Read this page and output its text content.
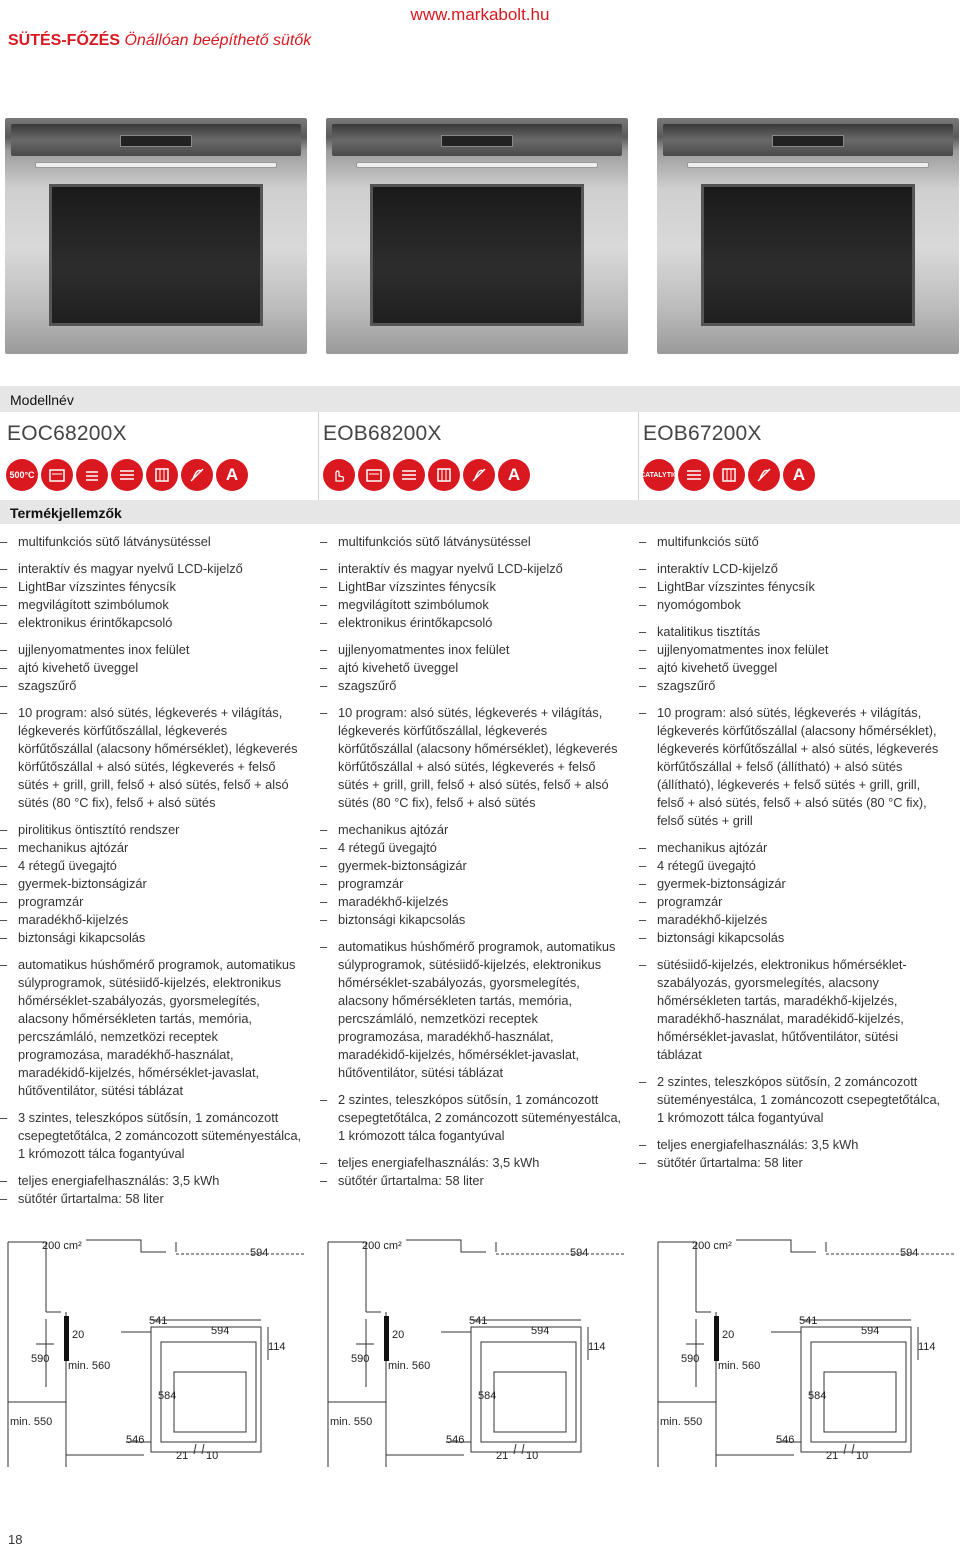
www.markabolt.hu
SÜTÉS-FŐZÉS Önállóan beépíthető sütők
Modellnév
EOC68200X	EOB68200X	EOB67200X
500°C	A	A	CATALYTIC	A
Termékjellemzők
– multifunkciós sütő látványsütéssel
– interaktív és magyar nyelvű LCD-kijelző
– LightBar vízszintes fénycsík
– megvilágított szimbólumok
– elektronikus érintőkapcsoló
– ujjlenyomatmentes inox felület
– ajtó kivehető üveggel
– szagszűrő
– 10 program: alsó sütés, légkeverés + világítás, légkeverés körfűtőszállal, légkeverés körfűtőszállal (alacsony hőmérséklet), légkeverés körfűtőszállal + alsó sütés, légkeverés + felső sütés + grill, grill, felső + alsó sütés, felső + alsó sütés (80 °C fix), felső + alsó sütés
– pirolitikus öntisztító rendszer
– mechanikus ajtózár
– 4 rétegű üvegajtó
– gyermek-biztonságizár
– programzár
– maradékhő-kijelzés
– biztonsági kikapcsolás
– automatikus húshőmérő programok, automatikus súlyprogramok, sütésiidő-kijelzés, elektronikus hőmérséklet-szabályozás, gyorsmelegítés, alacsony hőmérsékleten tartás, memória, percszámláló, nemzetközi receptek programozása, maradékhő-használat, maradékidő-kijelzés, hőmérséklet-javaslat, hűtőventilátor, sütési táblázat
– 3 szintes, teleszkópos sütősín, 1 zománcozott csepegtetőtálca, 2 zománcozott süteményestálca, 1 krómozott tálca fogantyúval
– teljes energiafelhasználás: 3,5 kWh
– sütőtér űrtartalma: 58 liter
– multifunkciós sütő látványsütéssel
– interaktív és magyar nyelvű LCD-kijelző
– LightBar vízszintes fénycsík
– megvilágított szimbólumok
– elektronikus érintőkapcsoló
– ujjlenyomatmentes inox felület
– ajtó kivehető üveggel
– szagszűrő
– 10 program: alsó sütés, légkeverés + világítás, légkeverés körfűtőszállal, légkeverés körfűtőszállal (alacsony hőmérséklet), légkeverés körfűtőszállal + alsó sütés, légkeverés + felső sütés + grill, grill, felső + alsó sütés, felső + alsó sütés (80 °C fix), felső + alsó sütés
– mechanikus ajtózár
– 4 rétegű üvegajtó
– gyermek-biztonságizár
– programzár
– maradékhő-kijelzés
– biztonsági kikapcsolás
– automatikus húshőmérő programok, automatikus súlyprogramok, sütésiidő-kijelzés, elektronikus hőmérséklet-szabályozás, gyorsmelegítés, alacsony hőmérsékleten tartás, memória, percszámláló, nemzetközi receptek programozása, maradékhő-használat, maradékidő-kijelzés, hőmérséklet-javaslat, hűtőventilátor, sütési táblázat
– 2 szintes, teleszkópos sütősín, 1 zománcozott csepegtetőtálca, 2 zománcozott süteményestálca, 1 krómozott tálca fogantyúval
– teljes energiafelhasználás: 3,5 kWh
– sütőtér űrtartalma: 58 liter
– multifunkciós sütő
– interaktív LCD-kijelző
– LightBar vízszintes fénycsík
– nyomógombok
– katalitikus tisztítás
– ujjlenyomatmentes inox felület
– ajtó kivehető üveggel
– szagszűrő
– 10 program: alsó sütés, légkeverés + világítás, légkeverés körfűtőszállal (alacsony hőmérséklet), légkeverés körfűtőszállal + alsó sütés, légkeverés körfűtőszállal + felső (állítható) + alsó sütés (állítható), légkeverés + felső sütés + grill, grill, felső + alsó sütés, felső + alsó sütés (80 °C fix), felső sütés + grill
– mechanikus ajtózár
– 4 rétegű üvegajtó
– gyermek-biztonságizár
– programzár
– maradékhő-kijelzés
– biztonsági kikapcsolás
– sütésiidő-kijelzés, elektronikus hőmérséklet-szabályozás, gyorsmelegítés, alacsony hőmérsékleten tartás, maradékhő-kijelzés, maradékhő-használat, maradékidő-kijelzés, hőmérséklet-javaslat, hűtőventilátor, sütési táblázat
– 2 szintes, teleszkópos sütősín, 2 zománcozott süteményestálca, 1 zománcozott csepegtetőtálca, 1 krómozott tálca fogantyúval
– teljes energiafelhasználás: 3,5 kWh
– sütőtér űrtartalma: 58 liter
200 cm²
594
541
594
114
20
590
min. 560
584
min. 550
546
21 10
200 cm²
594
541
594
114
20
590
min. 560
584
min. 550
546
21 10
200 cm²
594
541
594
114
20
590
min. 560
584
min. 550
546
21 10
18
